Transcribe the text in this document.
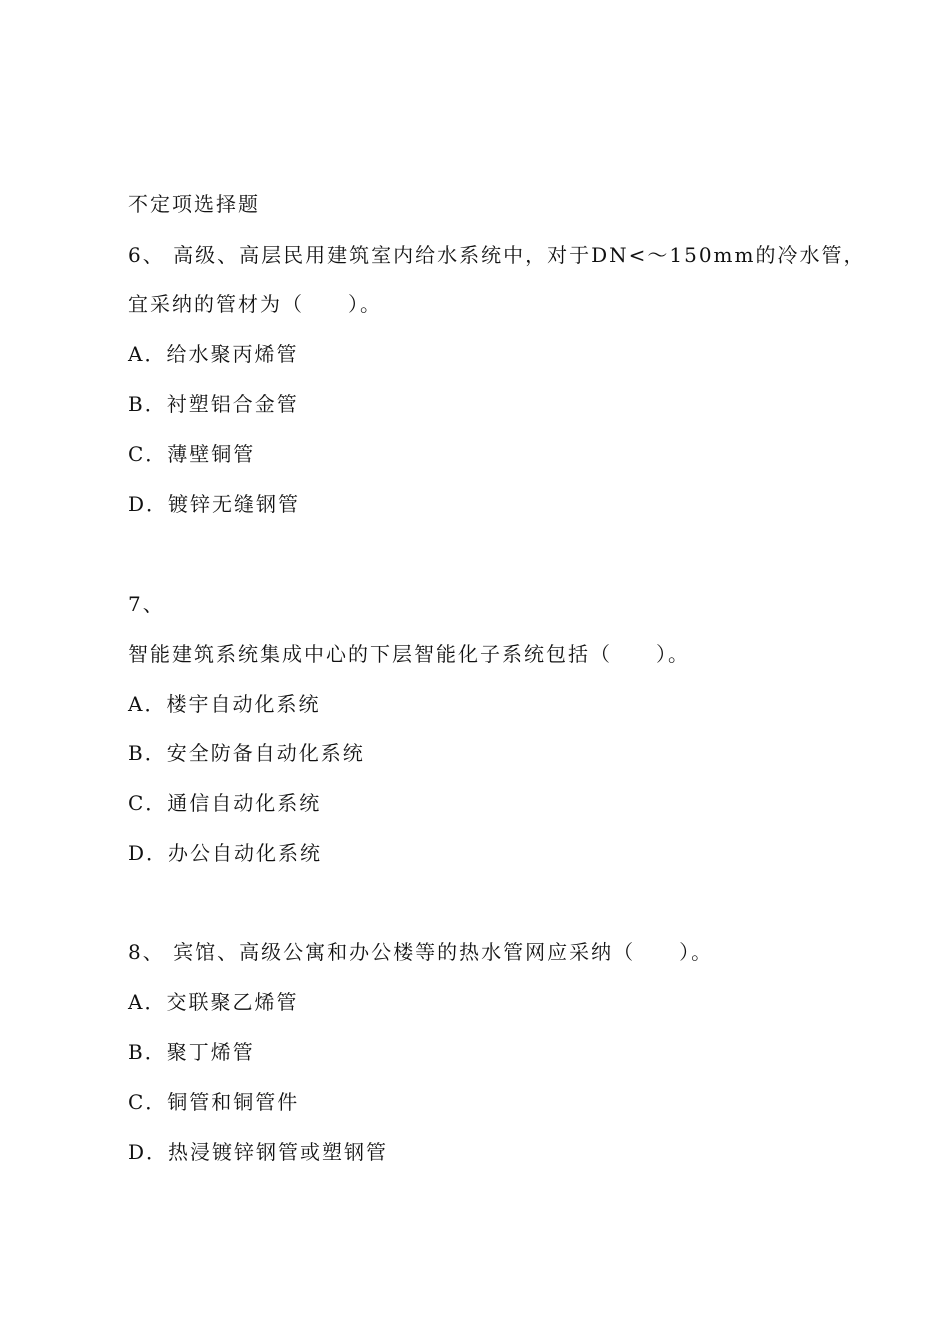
不定项选择题
6、 高级、高层民用建筑室内给水系统中，对于DN<～150mm的冷水管，
宜采纳的管材为（　　）。
A．给水聚丙烯管
B．衬塑铝合金管
C．薄壁铜管
D．镀锌无缝钢管
7、
智能建筑系统集成中心的下层智能化子系统包括（　　）。
A．楼宇自动化系统
B．安全防备自动化系统
C．通信自动化系统
D．办公自动化系统
8、 宾馆、高级公寓和办公楼等的热水管网应采纳（　　）。
A．交联聚乙烯管
B．聚丁烯管
C．铜管和铜管件
D．热浸镀锌钢管或塑钢管
